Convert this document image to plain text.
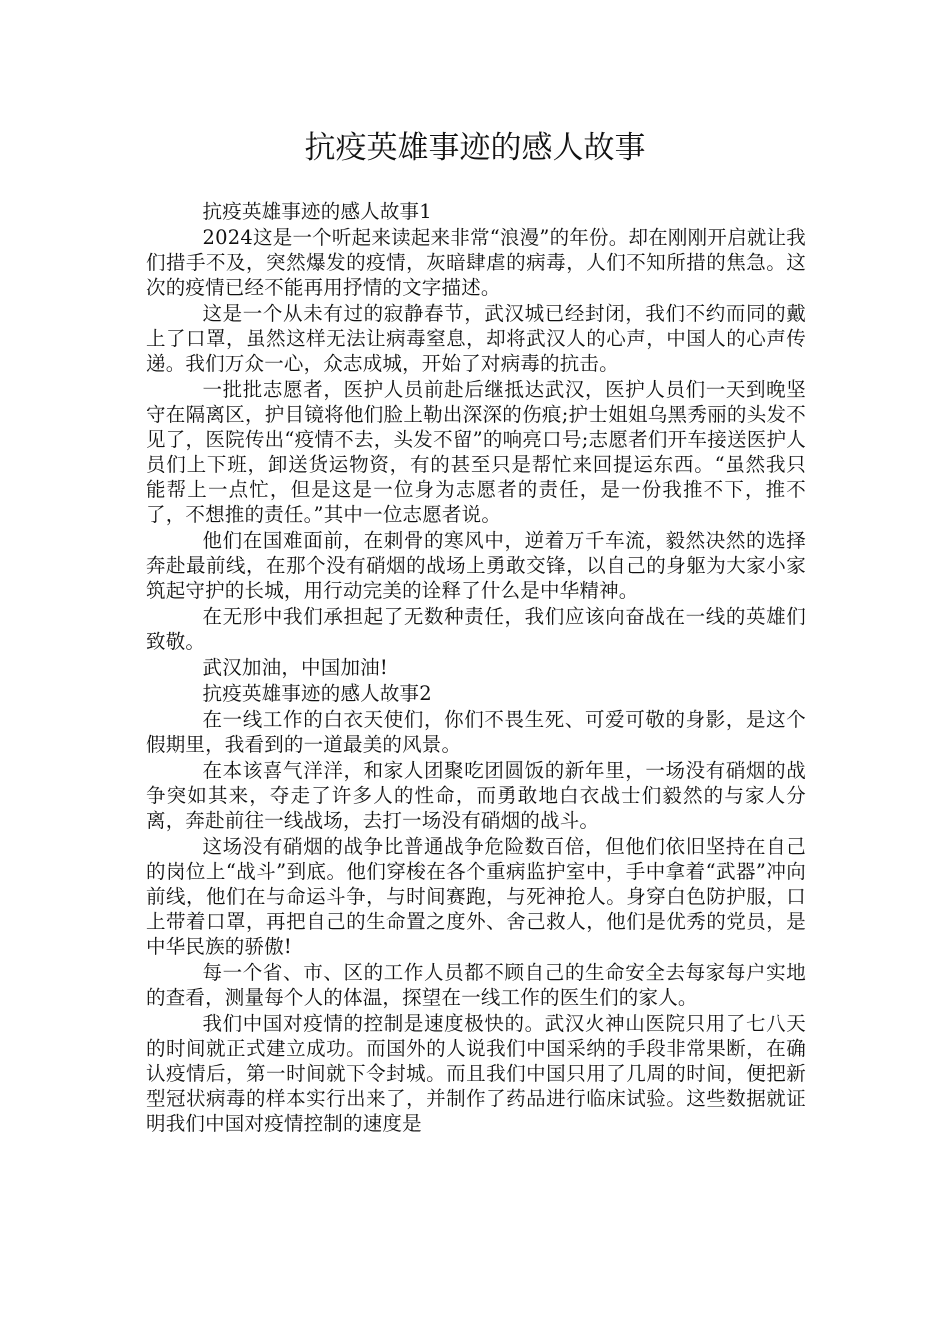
抗疫英雄事迹的感人故事

抗疫英雄事迹的感人故事1

2024这是一个听起来读起来非常“浪漫”的年份。却在刚刚开启就让我们措手不及，突然爆发的疫情，灰暗肆虐的病毒，人们不知所措的焦急。这次的疫情已经不能再用抒情的文字描述。

这是一个从未有过的寂静春节，武汉城已经封闭，我们不约而同的戴上了口罩，虽然这样无法让病毒窒息，却将武汉人的心声，中国人的心声传递。我们万众一心，众志成城，开始了对病毒的抗击。

一批批志愿者，医护人员前赴后继抵达武汉，医护人员们一天到晚坚守在隔离区，护目镜将他们脸上勒出深深的伤痕;护士姐姐乌黑秀丽的头发不见了，医院传出“疫情不去，头发不留”的响亮口号;志愿者们开车接送医护人员们上下班，卸送货运物资，有的甚至只是帮忙来回提运东西。“虽然我只能帮上一点忙，但是这是一位身为志愿者的责任，是一份我推不下，推不了，不想推的责任。”其中一位志愿者说。

他们在国难面前，在刺骨的寒风中，逆着万千车流，毅然决然的选择奔赴最前线，在那个没有硝烟的战场上勇敢交锋，以自己的身躯为大家小家筑起守护的长城，用行动完美的诠释了什么是中华精神。

在无形中我们承担起了无数种责任，我们应该向奋战在一线的英雄们致敬。

武汉加油，中国加油!

抗疫英雄事迹的感人故事2

在一线工作的白衣天使们，你们不畏生死、可爱可敬的身影，是这个假期里，我看到的一道最美的风景。

在本该喜气洋洋，和家人团聚吃团圆饭的新年里，一场没有硝烟的战争突如其来，夺走了许多人的性命，而勇敢地白衣战士们毅然的与家人分离，奔赴前往一线战场，去打一场没有硝烟的战斗。

这场没有硝烟的战争比普通战争危险数百倍，但他们依旧坚持在自己的岗位上“战斗”到底。他们穿梭在各个重病监护室中，手中拿着“武器”冲向前线，他们在与命运斗争，与时间赛跑，与死神抢人。身穿白色防护服，口上带着口罩，再把自己的生命置之度外、舍己救人，他们是优秀的党员，是中华民族的骄傲!

每一个省、市、区的工作人员都不顾自己的生命安全去每家每户实地的查看，测量每个人的体温，探望在一线工作的医生们的家人。

我们中国对疫情的控制是速度极快的。武汉火神山医院只用了七八天的时间就正式建立成功。而国外的人说我们中国采纳的手段非常果断，在确认疫情后，第一时间就下令封城。而且我们中国只用了几周的时间，便把新型冠状病毒的样本实行出来了，并制作了药品进行临床试验。这些数据就证明我们中国对疫情控制的速度是
